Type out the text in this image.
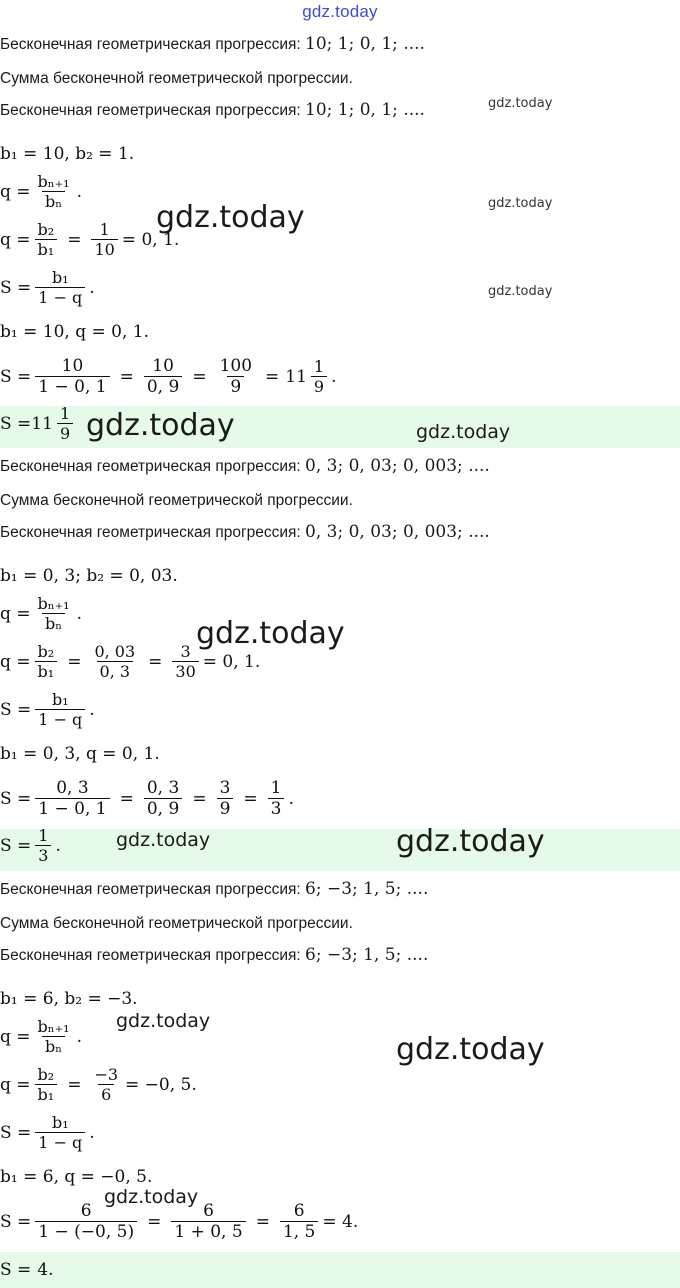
gdz.today
Бесконечная геометрическая прогрессия: 10; 1; 0, 1; ....
Сумма бесконечной геометрической прогрессии.
Бесконечная геометрическая прогрессия: 10; 1; 0, 1; ....
b₁ = 10, b₂ = 1.
$q = \frac{\text{bₙ₊₁}}{\text{bₙ}}$ .
$q = \frac{\text{b₂}}{\text{b₁}} = \frac{1}{10} = 0$, 1.
$S = \frac{\text{b₁}}{1 - q}$ .
b₁ = 10, q = 0, 1.
$S = \frac{10}{1 - 0, 1} = \frac{10}{0, 9} = \frac{100}{9} = 11 \frac{1}{9}$ .
$S = 11 \frac{1}{9}$
Бесконечная геометрическая прогрессия: 0, 3; 0, 03; 0, 003; ....
Сумма бесконечной геометрической прогрессии.
Бесконечная геометрическая прогрессия: 0, 3; 0, 03; 0, 003; ....
b₁ = 0, 3; b₂ = 0, 03.
$q = \frac{\text{bₙ₊₁}}{\text{bₙ}}$ .
$q = \frac{\text{b₂}}{\text{b₁}} = \frac{0, 03}{0, 3} = \frac{3}{30} = 0$, 1.
$S = \frac{\text{b₁}}{1 - q}$ .
b₁ = 0, 3, q = 0, 1.
$S = \frac{0, 3}{1 - 0, 1} = \frac{0, 3}{0, 9} = \frac{3}{9} = \frac{1}{3}$ .
$S = \frac{1}{3}$ .
Бесконечная геометрическая прогрессия: 6; −3; 1, 5; ....
Сумма бесконечной геометрической прогрессии.
Бесконечная геометрическая прогрессия: 6; −3; 1, 5; ....
b₁ = 6, b₂ = −3.
$q = \frac{\text{bₙ₊₁}}{\text{bₙ}}$ .
$q = \frac{\text{b₂}}{\text{b₁}} = \frac{-3}{6} = -0$, 5.
$S = \frac{\text{b₁}}{1 - q}$ .
b₁ = 6, q = −0, 5.
$S = \frac{6}{1 - (-0, 5)} = \frac{6}{1 + 0, 5} = \frac{6}{1, 5} = 4$.
S = 4.
gdz.today
gdz.today
gdz.today
gdz.today
gdz.today	gdz.today
gdz.today
gdz.today	gdz.today
gdz.today
gdz.today
gdz.today
